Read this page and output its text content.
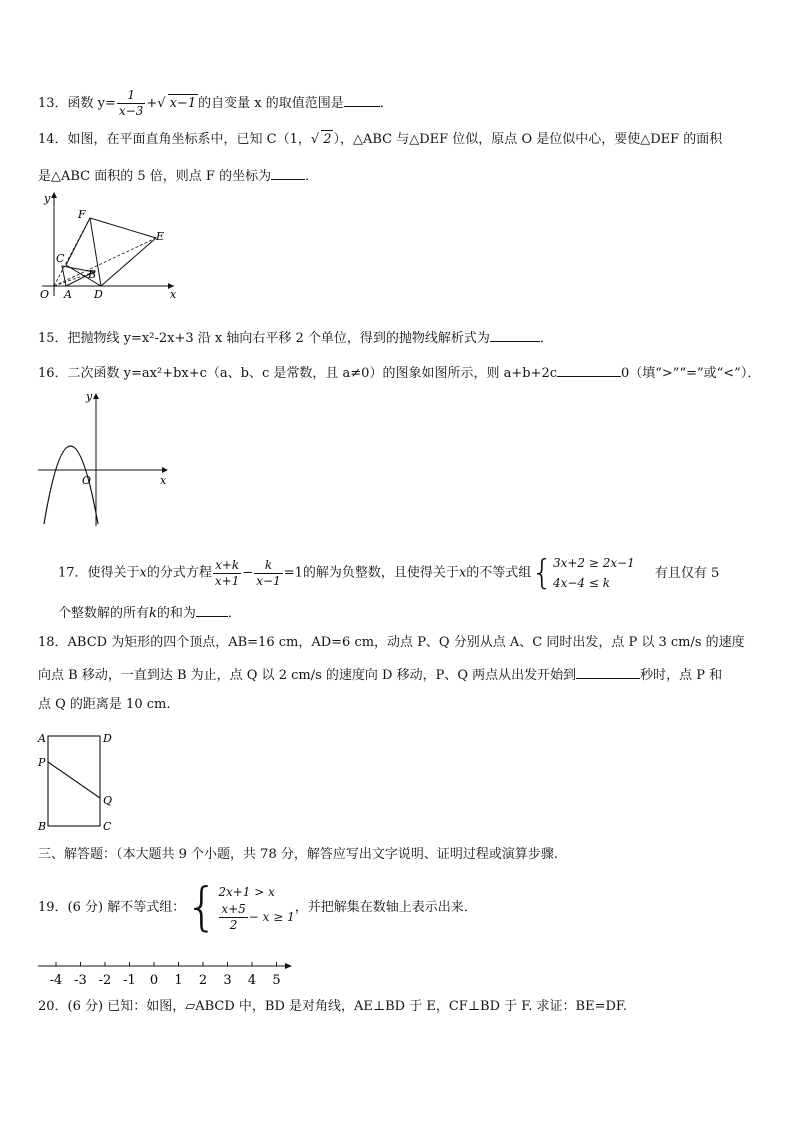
13．函数 $y= \frac{1}{x-3}$ +√ x−1 的自变量 x 的取值范围是	．
14．如图，在平面直角坐标系中，已知 C（1，√ 2 ），△ABC 与△DEF 位似，原点 O 是位似中心，要使△DEF 的面积
是△ABC 面积的 5 倍，则点 F 的坐标为	．
y
x
O A
B
C
D
E
F
15．把抛物线 y=x²-2x+3 沿 x 轴向右平移 2 个单位，得到的抛物线解析式为	．
16．二次函数 y=ax²+bx+c（a、b、c 是常数，且 a≠0）的图象如图所示，则 a+b+2c	0（填“>”“=”或“<”）．
y
x
O
17．使得关于x的分式方程 $\frac{x+k}{x+1} - \frac{k}{x-1} =1$的解为负整数，且使得关于x的不等式组{ 3x+2 ≥ 2x−1
4x−4 ≤ k
有且仅有 5
个整数解的所有k的和为 ．
18．ABCD 为矩形的四个顶点，AB=16 cm，AD=6 cm，动点 P、Q 分别从点 A、C 同时出发，点 P 以 3 cm/s 的速度
向点 B 移动，一直到达 B 为止，点 Q 以 2 cm/s 的速度向 D 移动，P、Q 两点从出发开始到	秒时，点 P 和
点 Q 的距离是 10 cm.
A	D
P
Q
B	C
三、解答题：（本大题共 9 个小题，共 78 分，解答应写出文字说明、证明过程或演算步骤.
19．(6 分) 解不等式组：{ 2x+1 > x
$\frac{x+5}{2} - x \ge 1$
，并把解集在数轴上表示出来．
-4 -3 -2 -1 0 1 2 3 4 5
20．(6 分) 已知：如图，▱ABCD 中，BD 是对角线，AE⊥BD 于 E，CF⊥BD 于 F. 求证：BE=DF.
